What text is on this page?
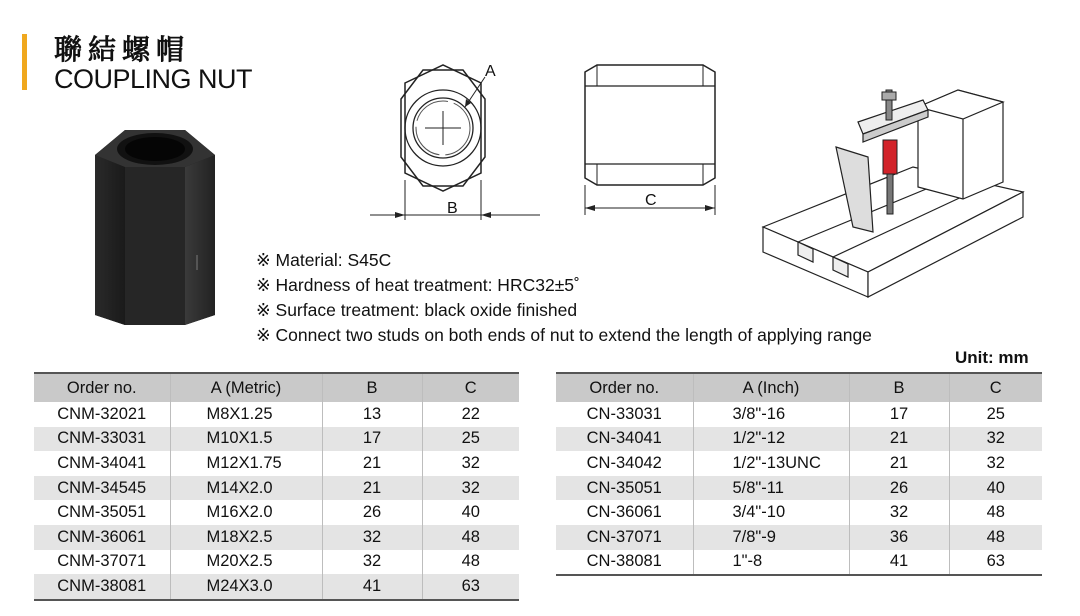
聯結螺帽
COUPLING NUT	A
B	C
※ Material: S45C
※ Hardness of heat treatment: HRC32±5˚
※ Surface treatment: black oxide finished
※ Connect two studs on both ends of nut to extend the length of applying range
Unit: mm
Order no.	A (Metric)	B	C
CNM-32021	M8X1.25	13	22
CNM-33031	M10X1.5	17	25
CNM-34041	M12X1.75	21	32
CNM-34545	M14X2.0	21	32
CNM-35051	M16X2.0	26	40
CNM-36061	M18X2.5	32	48
CNM-37071	M20X2.5	32	48
CNM-38081	M24X3.0	41	63
Order no.	A (Inch)	B	C
CN-33031	3/8"-16	17	25
CN-34041	1/2"-12	21	32
CN-34042	1/2"-13UNC	21	32
CN-35051	5/8"-11	26	40
CN-36061	3/4"-10	32	48
CN-37071	7/8"-9	36	48
CN-38081	1"-8	41	63
